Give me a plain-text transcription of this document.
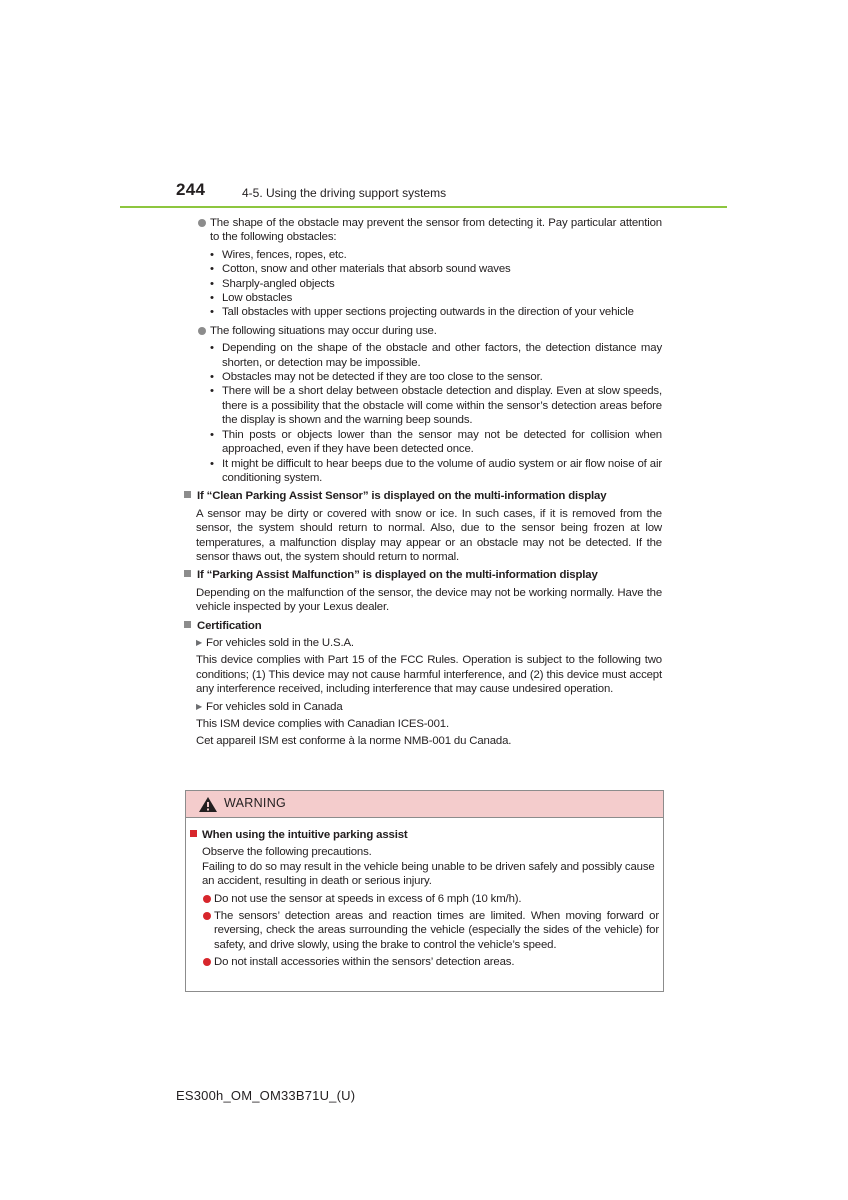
244	4-5. Using the driving support systems
The shape of the obstacle may prevent the sensor from detecting it. Pay particular attention to the following obstacles:
• Wires, fences, ropes, etc.
• Cotton, snow and other materials that absorb sound waves
• Sharply-angled objects
• Low obstacles
• Tall obstacles with upper sections projecting outwards in the direction of your vehicle
The following situations may occur during use.
• Depending on the shape of the obstacle and other factors, the detection distance may shorten, or detection may be impossible.
• Obstacles may not be detected if they are too close to the sensor.
• There will be a short delay between obstacle detection and display. Even at slow speeds, there is a possibility that the obstacle will come within the sensor’s detection areas before the display is shown and the warning beep sounds.
• Thin posts or objects lower than the sensor may not be detected for collision when approached, even if they have been detected once.
• It might be difficult to hear beeps due to the volume of audio system or air flow noise of air conditioning system.
If “Clean Parking Assist Sensor” is displayed on the multi-information display
A sensor may be dirty or covered with snow or ice. In such cases, if it is removed from the sensor, the system should return to normal. Also, due to the sensor being frozen at low temperatures, a malfunction display may appear or an obstacle may not be detected. If the sensor thaws out, the system should return to normal.
If “Parking Assist Malfunction” is displayed on the multi-information display
Depending on the malfunction of the sensor, the device may not be working normally. Have the vehicle inspected by your Lexus dealer.
Certification
▶ For vehicles sold in the U.S.A.
This device complies with Part 15 of the FCC Rules. Operation is subject to the following two conditions; (1) This device may not cause harmful interference, and (2) this device must accept any interference received, including interference that may cause undesired operation.
▶ For vehicles sold in Canada
This ISM device complies with Canadian ICES-001.
Cet appareil ISM est conforme à la norme NMB-001 du Canada.
WARNING
When using the intuitive parking assist
Observe the following precautions.
Failing to do so may result in the vehicle being unable to be driven safely and possibly cause an accident, resulting in death or serious injury.
Do not use the sensor at speeds in excess of 6 mph (10 km/h).
The sensors’ detection areas and reaction times are limited. When moving forward or reversing, check the areas surrounding the vehicle (especially the sides of the vehicle) for safety, and drive slowly, using the brake to control the vehicle’s speed.
Do not install accessories within the sensors’ detection areas.
ES300h_OM_OM33B71U_(U)
